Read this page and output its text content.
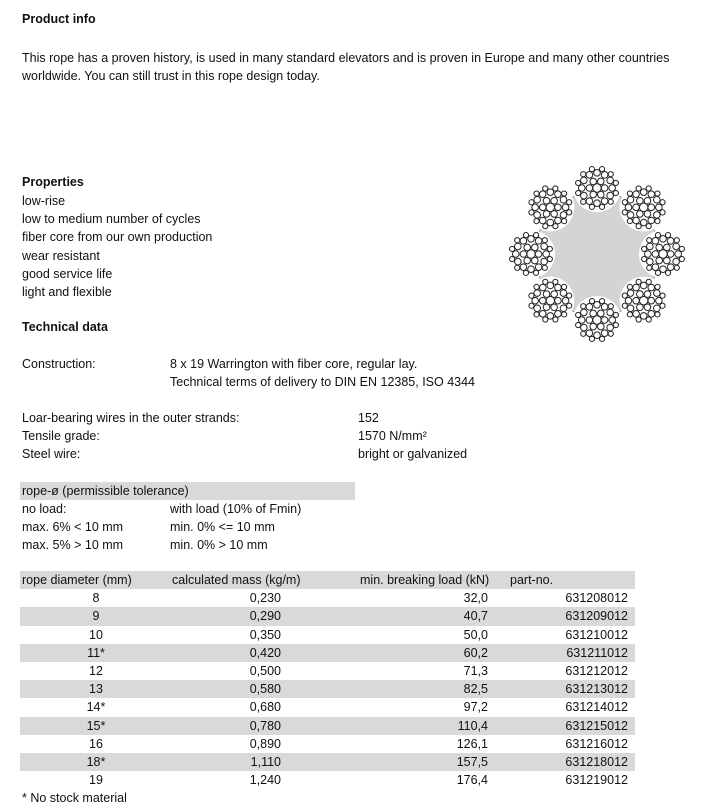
Product info
This rope has a proven history, is used in many standard elevators and is proven in Europe and many other countries worldwide. You can still trust in this rope design today.
Properties
low-rise
low to medium number of cycles
fiber core from our own production
wear resistant
good service life
light and flexible
Technical data
Construction:	8 x 19 Warrington with fiber core, regular lay.
Technical terms of delivery to DIN EN 12385, ISO 4344
Loar-bearing wires in the outer strands:	152
Tensile grade:	1570 N/mm²
Steel wire:	bright or galvanized
rope-ø (permissible tolerance)
no load:	with load (10% of Fmin)
max. 6% < 10 mm	min. 0% <= 10 mm
max. 5% > 10 mm	min. 0% > 10 mm
rope diameter (mm)	calculated mass (kg/m)	min. breaking load (kN)	part-no.
8	0,230	32,0	631208012
9	0,290	40,7	631209012
10	0,350	50,0	631210012
11*	0,420	60,2	631211012
12	0,500	71,3	631212012
13	0,580	82,5	631213012
14*	0,680	97,2	631214012
15*	0,780	110,4	631215012
16	0,890	126,1	631216012
18*	1,110	157,5	631218012
19	1,240	176,4	631219012
* No stock material
